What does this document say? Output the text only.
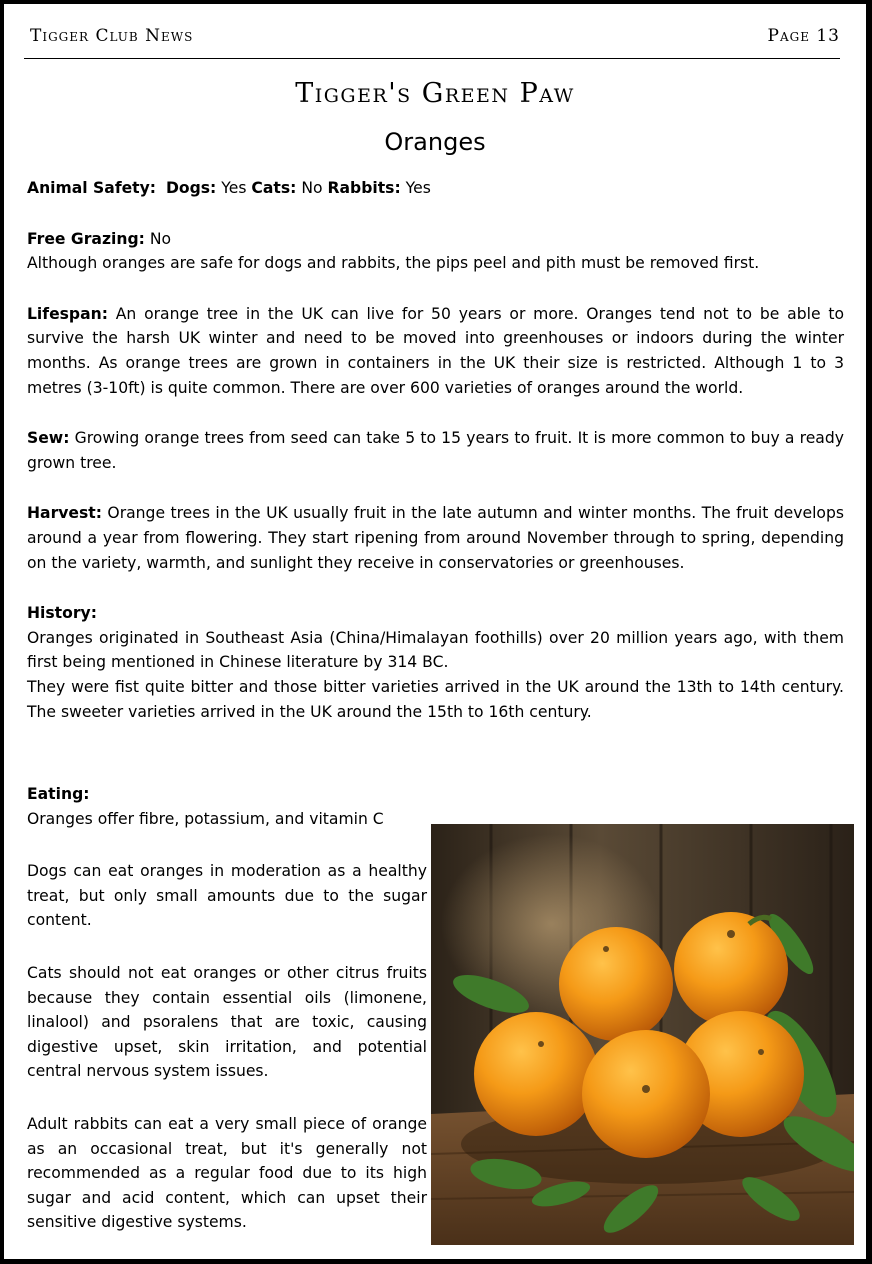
Tigger Club News	Page 13
Tigger's Green Paw
Oranges

Animal Safety: Dogs: Yes Cats: No Rabbits: Yes

Free Grazing: No

Although oranges are safe for dogs and rabbits, the pips peel and pith must be removed first.

Lifespan: An orange tree in the UK can live for 50 years or more. Oranges tend not to be able to survive the harsh UK winter and need to be moved into greenhouses or indoors during the winter months. As orange trees are grown in containers in the UK their size is restricted. Although 1 to 3 metres (3-10ft) is quite common. There are over 600 varieties of oranges around the world.

Sew: Growing orange trees from seed can take 5 to 15 years to fruit. It is more common to buy a ready grown tree.

Harvest: Orange trees in the UK usually fruit in the late autumn and winter months. The fruit develops around a year from flowering. They start ripening from around November through to spring, depending on the variety, warmth, and sunlight they receive in conservatories or greenhouses.

History:

Oranges originated in Southeast Asia (China/Himalayan foothills) over 20 million years ago, with them first being mentioned in Chinese literature by 314 BC.

They were fist quite bitter and those bitter varieties arrived in the UK around the 13th to 14th century. The sweeter varieties arrived in the UK around the 15th to 16th century.

Eating:

Oranges offer fibre, potassium, and vitamin C

Dogs can eat oranges in moderation as a healthy treat, but only small amounts due to the sugar content.

Cats should not eat oranges or other citrus fruits because they contain essential oils (limonene, linalool) and psoralens that are toxic, causing digestive upset, skin irritation, and potential central nervous system issues.

Adult rabbits can eat a very small piece of orange as an occasional treat, but it's generally not recommended as a regular food due to its high sugar and acid content, which can upset their sensitive digestive systems.
